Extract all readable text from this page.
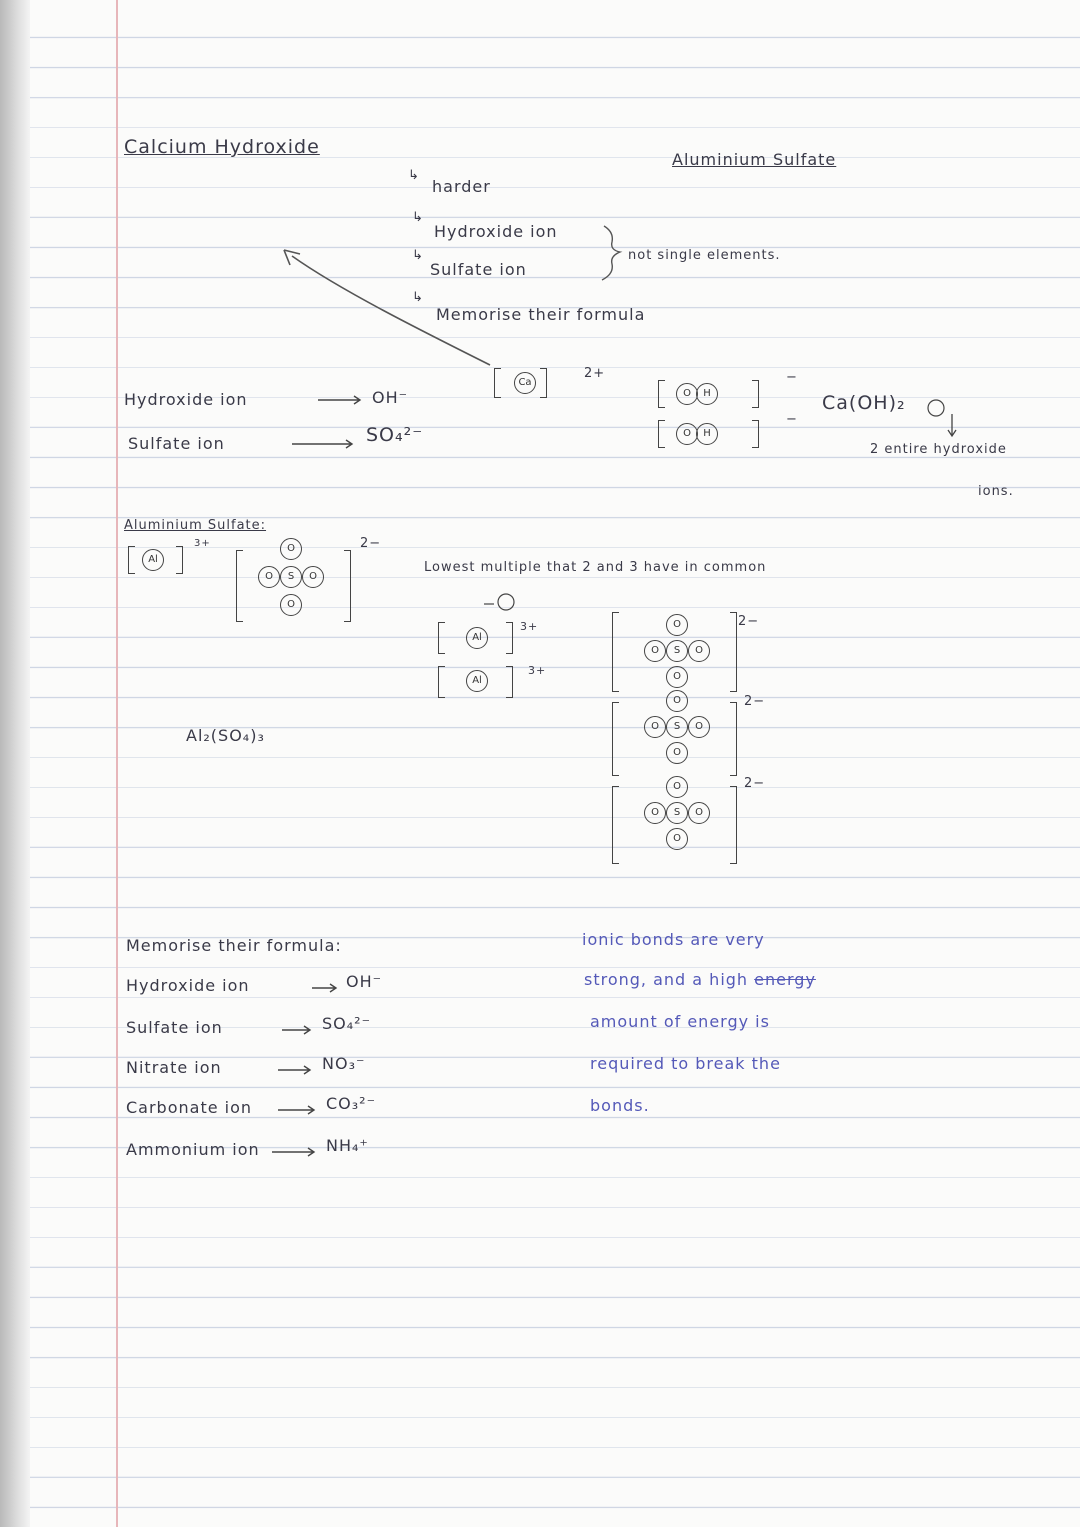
Calcium Hydroxide
Aluminium Sulfate
↳
harder
↳
Hydroxide ion
↳
Sulfate ion
not single elements.
↳
Memorise their formula
Hydroxide ion	OH⁻
Sulfate ion	SO₄²⁻
Ca
2+
O	H
−
O	H
−
Ca(OH)₂
2 entire hydroxide
ions.
Aluminium Sulfate:
Al
3+	O
O	S	O
O
2−
Al₂(SO₄)₃
Lowest multiple that 2 and 3 have in common
Al
3+
Al
3+
2−
O
O	S	O
O
2−
O
O	S	O
O
2−
O
O	S	O
O
Memorise their formula:
Hydroxide ion	OH⁻
Sulfate ion	SO₄²⁻
Nitrate ion	NO₃⁻
Carbonate ion	CO₃²⁻
Ammonium ion	NH₄⁺
ionic bonds are very
strong, and a high energy
amount of energy is
required to break the
bonds.
